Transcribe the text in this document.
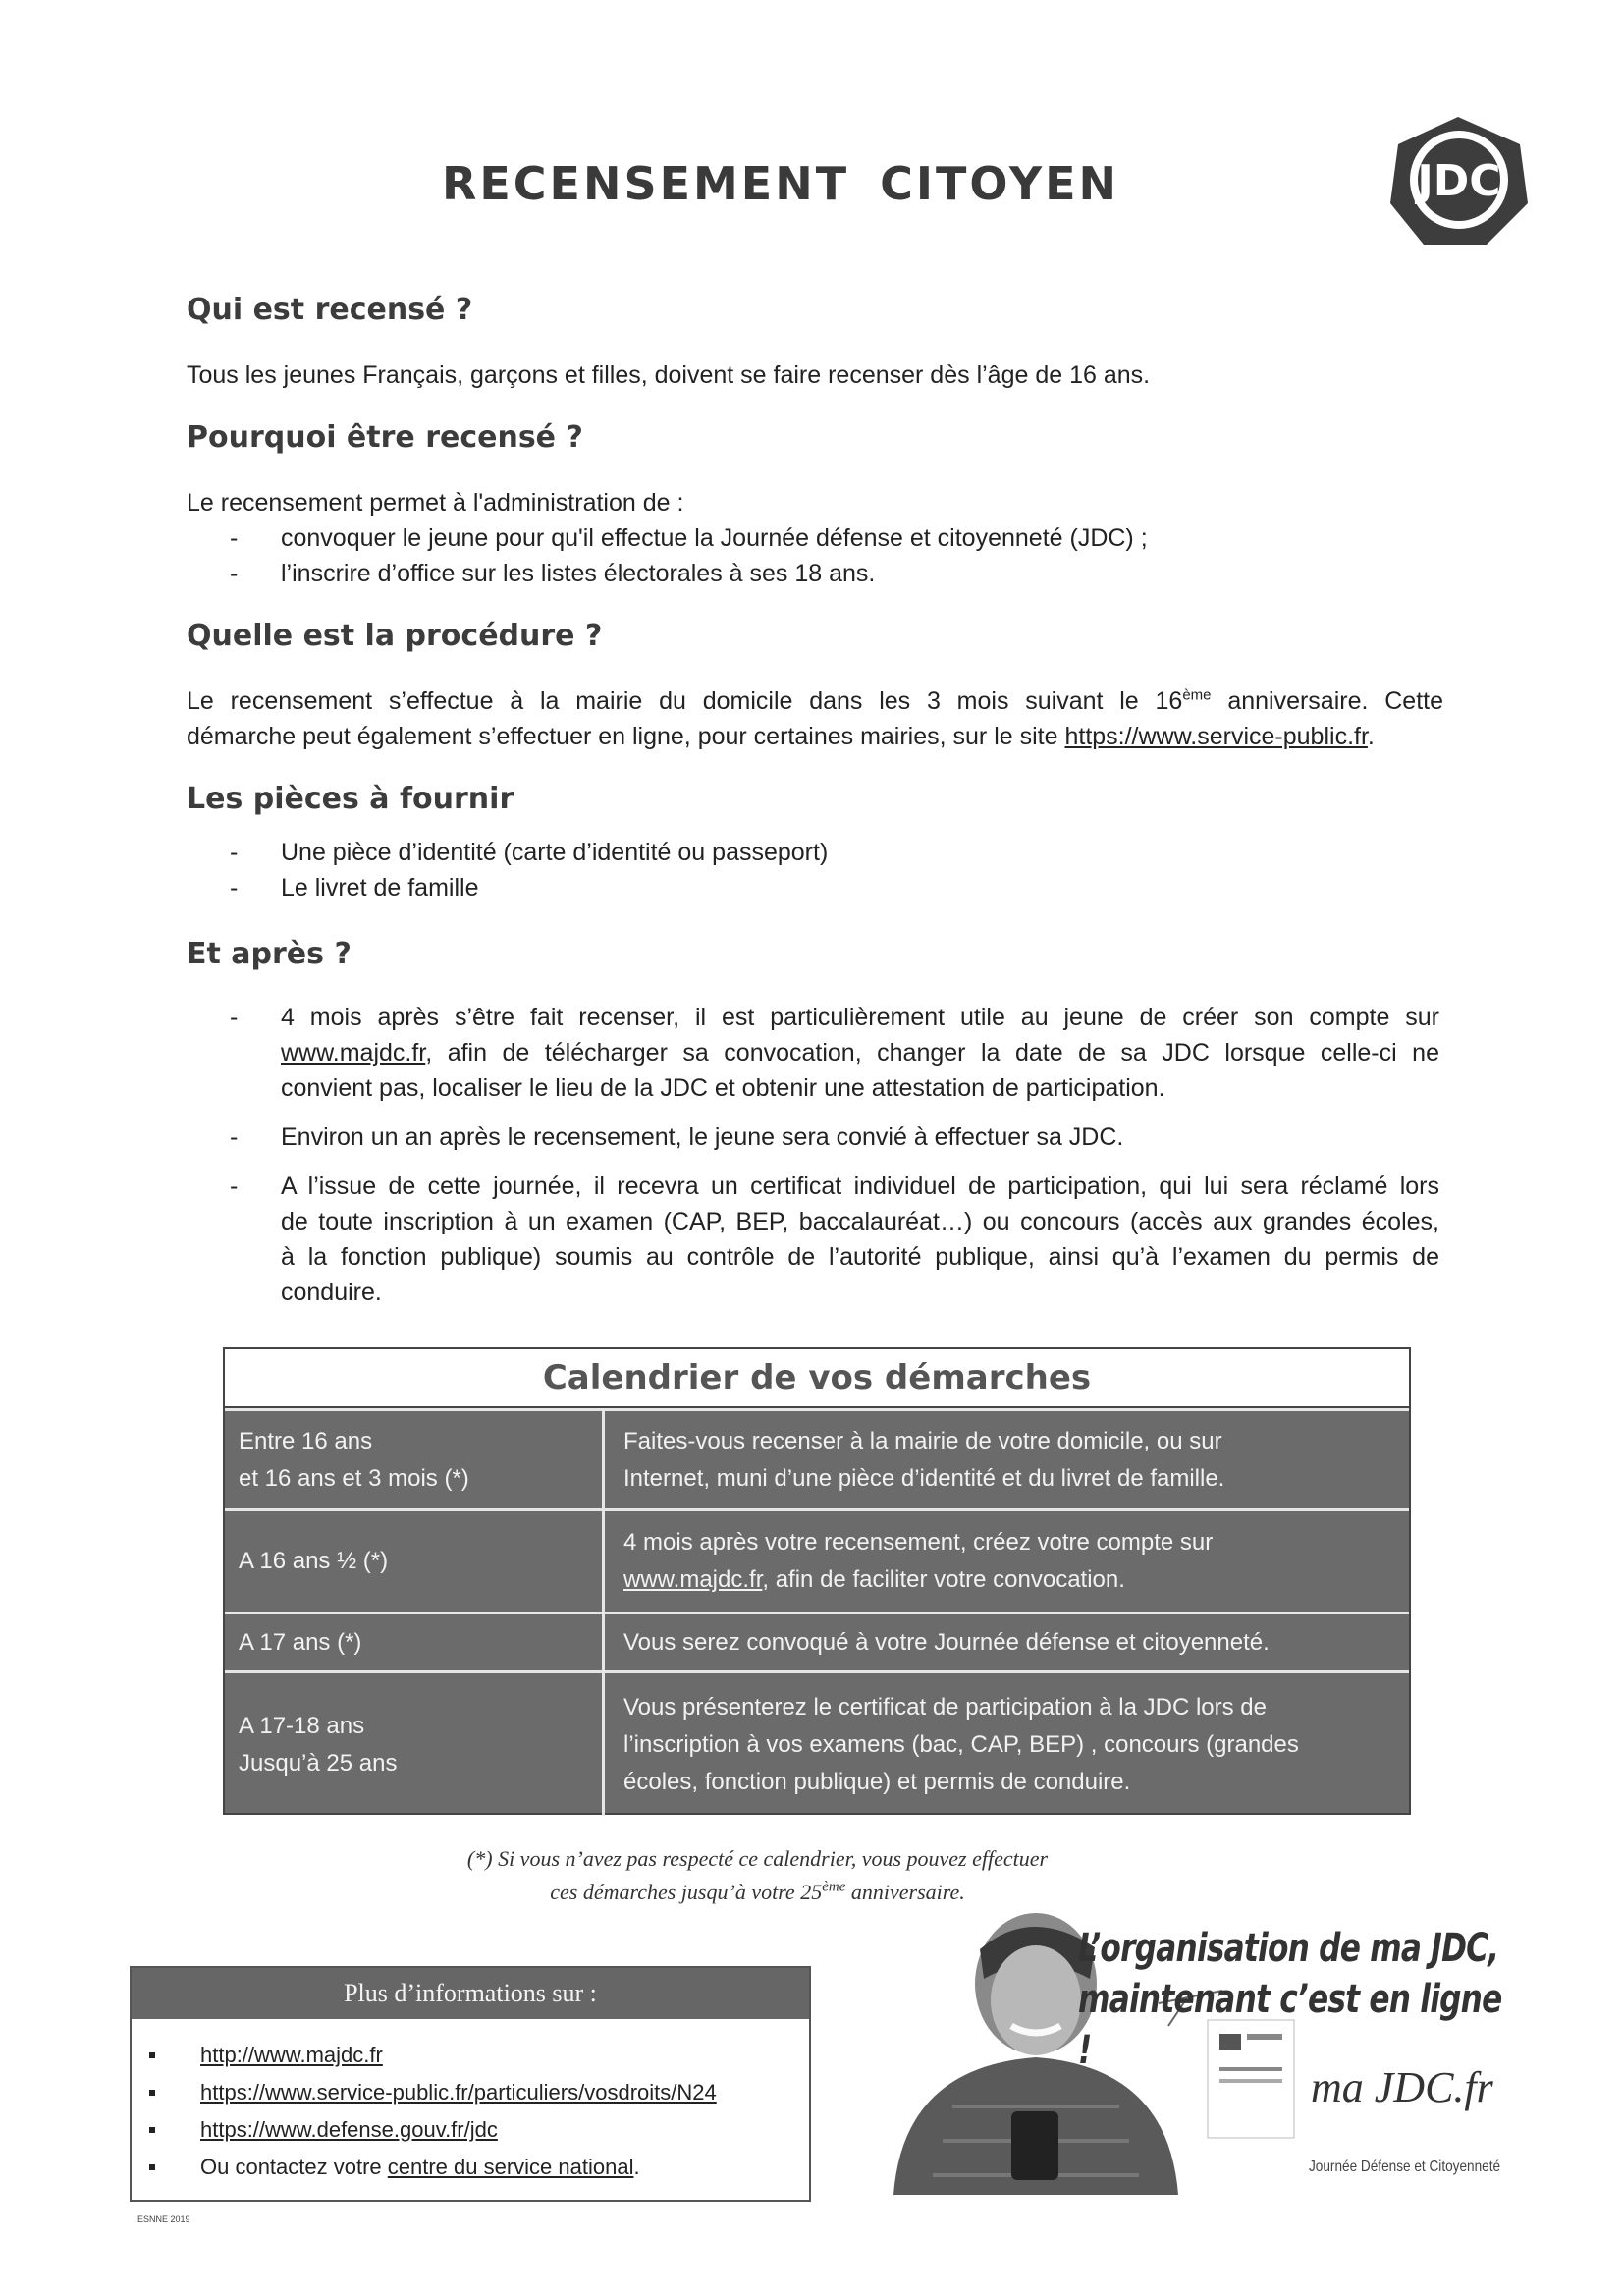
RECENSEMENT CITOYEN	JDC
Qui est recensé ?
Tous les jeunes Français, garçons et filles, doivent se faire recenser dès l’âge de 16 ans.
Pourquoi être recensé ?
Le recensement permet à l'administration de :
- convoquer le jeune pour qu'il effectue la Journée défense et citoyenneté (JDC) ;
- l’inscrire d’office sur les listes électorales à ses 18 ans.
Quelle est la procédure ?
Le recensement s’effectue à la mairie du domicile dans les 3 mois suivant le 16ème anniversaire. Cette
démarche peut également s’effectuer en ligne, pour certaines mairies, sur le site https://www.service-public.fr.
Les pièces à fournir
- Une pièce d’identité (carte d’identité ou passeport)
- Le livret de famille
Et après ?
- 4 mois après s’être fait recenser, il est particulièrement utile au jeune de créer son compte sur
www.majdc.fr, afin de télécharger sa convocation, changer la date de sa JDC lorsque celle-ci ne
convient pas, localiser le lieu de la JDC et obtenir une attestation de participation.
- Environ un an après le recensement, le jeune sera convié à effectuer sa JDC.
- A l’issue de cette journée, il recevra un certificat individuel de participation, qui lui sera réclamé lors
de toute inscription à un examen (CAP, BEP, baccalauréat…) ou concours (accès aux grandes écoles,
à la fonction publique) soumis au contrôle de l’autorité publique, ainsi qu’à l’examen du permis de
conduire.
Calendrier de vos démarches
Entre 16 ans
et 16 ans et 3 mois (*)
Faites-vous recenser à la mairie de votre domicile, ou sur
Internet, muni d’une pièce d’identité et du livret de famille.
A 16 ans ½ (*)
4 mois après votre recensement, créez votre compte sur
www.majdc.fr, afin de faciliter votre convocation.
A 17 ans (*)	Vous serez convoqué à votre Journée défense et citoyenneté.
A 17-18 ans
Jusqu’à 25 ans
Vous présenterez le certificat de participation à la JDC lors de
l’inscription à vos examens (bac, CAP, BEP) , concours (grandes
écoles, fonction publique) et permis de conduire.
(*) Si vous n’avez pas respecté ce calendrier, vous pouvez effectuer
ces démarches jusqu’à votre 25ème anniversaire.
Plus d’informations sur :
http://www.majdc.fr
https://www.service-public.fr/particuliers/vosdroits/N24
https://www.defense.gouv.fr/jdc
Ou contactez votre centre du service national.
ESNNE 2019
L’organisation de ma JDC,
maintenant c’est en ligne !
ma JDC.fr
Journée Défense et Citoyenneté
